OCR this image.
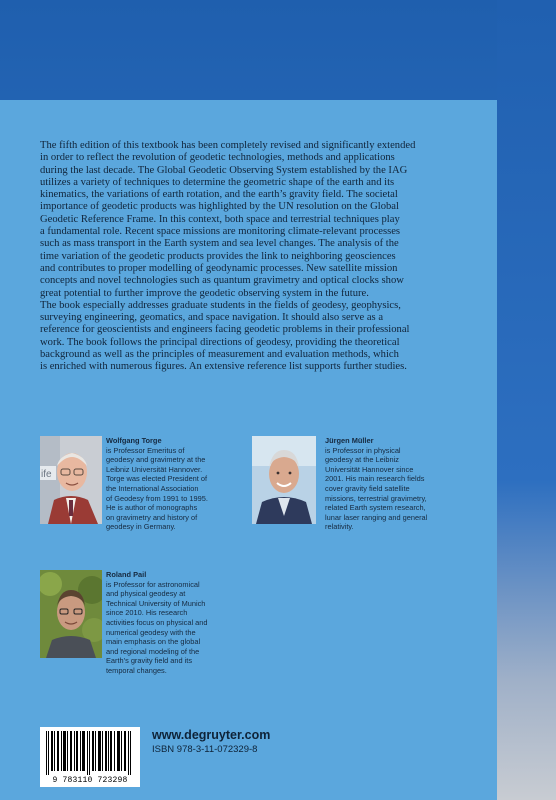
The fifth edition of this textbook has been completely revised and significantly extended

in order to reflect the revolution of geodetic technologies, methods and applications

during the last decade. The Global Geodetic Observing System established by the IAG

utilizes a variety of techniques to determine the geometric shape of the earth and its

kinematics, the variations of earth rotation, and the earth’s gravity field. The societal

importance of geodetic products was highlighted by the UN resolution on the Global

Geodetic Reference Frame. In this context, both space and terrestrial techniques play

a fundamental role. Recent space missions are monitoring climate-relevant processes

such as mass transport in the Earth system and sea level changes. The analysis of the

time variation of the geodetic products provides the link to neighboring geosciences

and contributes to proper modelling of geodynamic processes. New satellite mission

concepts and novel technologies such as quantum gravimetry and optical clocks show

great potential to further improve the geodetic observing system in the future.

The book especially addresses graduate students in the fields of geodesy, geophysics,

surveying engineering, geomatics, and space navigation. It should also serve as a

reference for geoscientists and engineers facing geodetic problems in their professional

work. The book follows the principal directions of geodesy, providing the theoretical

background as well as the principles of measurement and evaluation methods, which

is enriched with numerous figures. An extensive reference list supports further studies.

ife
Wolfgang Torge
is Professor Emeritus of
geodesy and gravimetry at the
Leibniz Universität Hannover.
Torge was elected President of
the International Association
of Geodesy from 1991 to 1995.
He is author of monographs
on gravimetry and history of
geodesy in Germany.
Jürgen Müller
is Professor in physical
geodesy at the Leibniz
Universität Hannover since
2001. His main research fields
cover gravity field satellite
missions, terrestrial gravimetry,
related Earth system research,
lunar laser ranging and general
relativity.
Roland Pail
is Professor for astronomical
and physical geodesy at
Technical University of Munich
since 2010. His research
activities focus on physical and
numerical geodesy with the
main emphasis on the global
and regional modeling of the
Earth's gravity field and its
temporal changes.
9 783110 723298
www.degruyter.com
ISBN 978-3-11-072329-8
